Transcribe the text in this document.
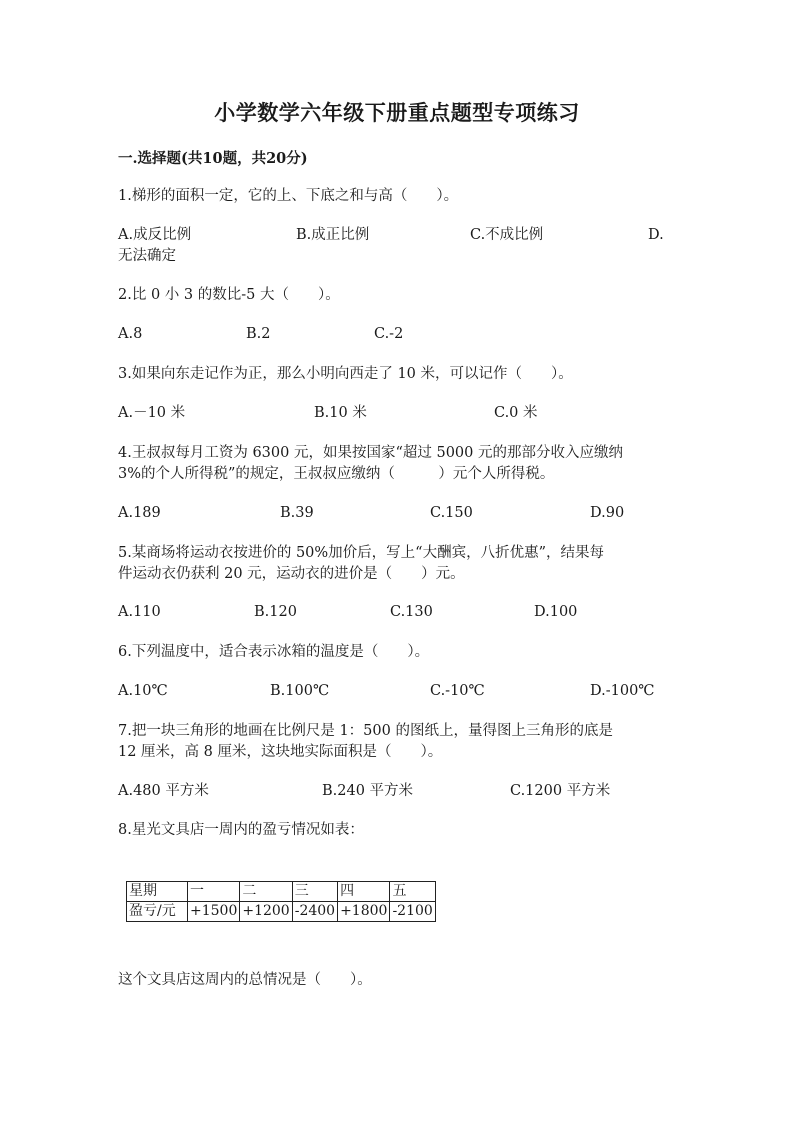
小学数学六年级下册重点题型专项练习
一.选择题(共10题，共20分)
1.梯形的面积一定，它的上、下底之和与高（　　）。
A.成反比例	B.成正比例	C.不成比例	D.
无法确定
2.比 0 小 3 的数比-5 大（　　）。
A.8	B.2	C.-2
3.如果向东走记作为正，那么小明向西走了 10 米，可以记作（　　）。
A.－10 米	B.10 米	C.0 米
4.王叔叔每月工资为 6300 元，如果按国家“超过 5000 元的那部分收入应缴纳
3%的个人所得税”的规定，王叔叔应缴纳（　　　）元个人所得税。
A.189	B.39	C.150	D.90
5.某商场将运动衣按进价的 50%加价后，写上“大酬宾，八折优惠”，结果每
件运动衣仍获利 20 元，运动衣的进价是（　　）元。
A.110	B.120	C.130	D.100
6.下列温度中，适合表示冰箱的温度是（　　）。
A.10℃	B.100℃	C.-10℃	D.-100℃
7.把一块三角形的地画在比例尺是 1：500 的图纸上，量得图上三角形的底是
12 厘米，高 8 厘米，这块地实际面积是（　　）。
A.480 平方米	B.240 平方米	C.1200 平方米
8.星光文具店一周内的盈亏情况如表：
星期	一	二	三	四	五
盈亏/元	+1500	+1200	-2400	+1800	-2100
这个文具店这周内的总情况是（　　）。
